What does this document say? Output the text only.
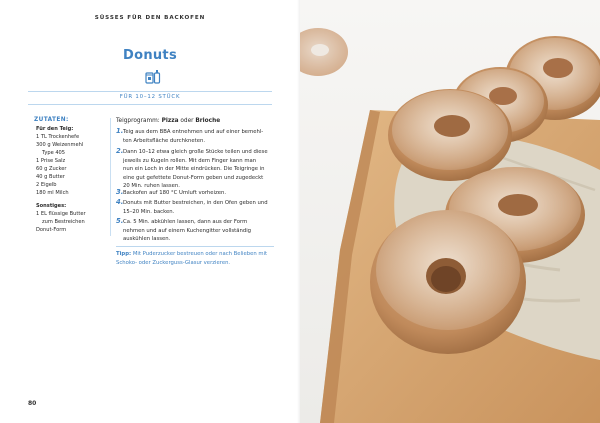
SÜSSES FÜR DEN BACKOFEN
Donuts
FÜR 10–12 STÜCK
ZUTATEN:
Für den Teig:
1 TL Trockenhefe
300 g Weizenmehl
Type 405
1 Prise Salz
60 g Zucker
40 g Butter
2 Eigelb
180 ml Milch
Sonstiges:
1 EL flüssige Butter
zum Bestreichen
Donut-Form
Teigprogramm: Pizza oder Brioche
1. Teig aus dem BBA entnehmen und auf einer bemehl-
ten Arbeitsfläche durchkneten.
2. Dann 10–12 etwa gleich große Stücke teilen und diese
jeweils zu Kugeln rollen. Mit dem Finger kann man
nun ein Loch in der Mitte eindrücken. Die Teigringe in
eine gut gefettete Donut-Form geben und zugedeckt
20 Min. ruhen lassen.
3. Backofen auf 180 °C Umluft vorheizen.
4. Donuts mit Butter bestreichen, in den Ofen geben und
15–20 Min. backen.
5. Ca. 5 Min. abkühlen lassen, dann aus der Form
nehmen und auf einem Kuchengitter vollständig
auskühlen lassen.
Tipp: Mit Puderzucker bestreuen oder nach Belieben mit
Schoko- oder Zuckerguss-Glasur verzieren.
80
